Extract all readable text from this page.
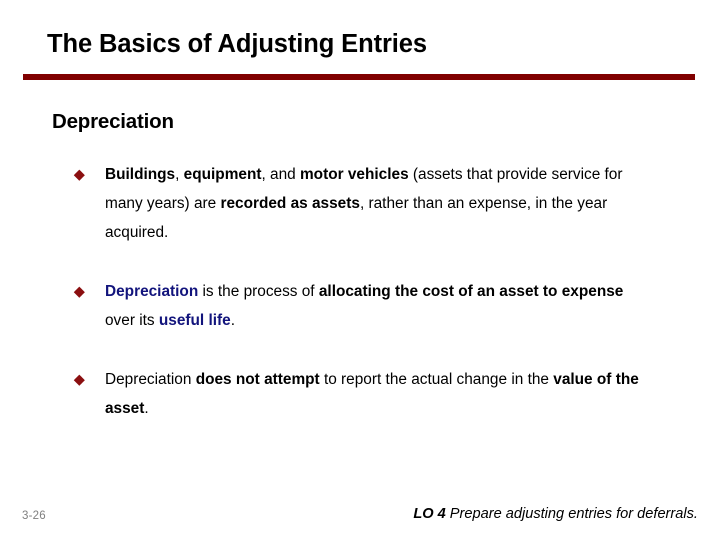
The Basics of Adjusting Entries
Depreciation
◆	Buildings, equipment, and motor vehicles (assets that provide service for many years) are recorded as assets, rather than an expense, in the year acquired.
◆	Depreciation is the process of allocating the cost of an asset to expense over its useful life.
◆	Depreciation does not attempt to report the actual change in the value of the asset.
3-26	LO 4 Prepare adjusting entries for deferrals.
